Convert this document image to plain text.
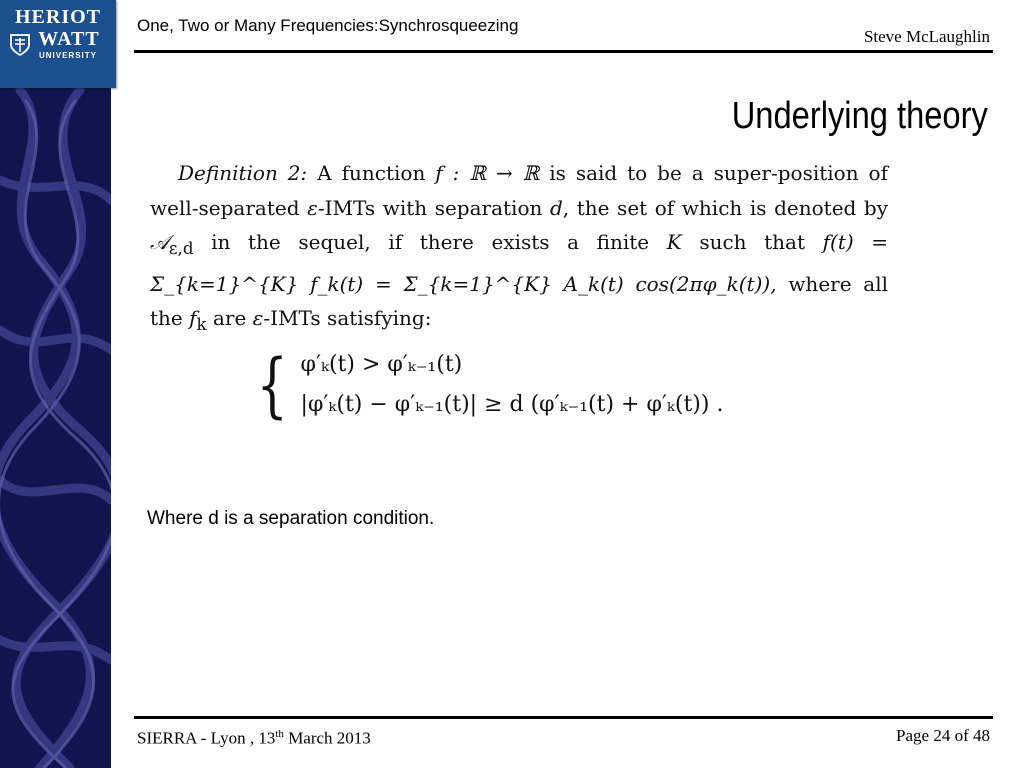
HERIOT
WATT
UNIVERSITY
One, Two or Many Frequencies:Synchrosqueezing
Steve McLaughlin
Underlying theory
Definition 2: A function f : ℝ → ℝ is said to be a super-position of well-separated ε-IMTs with separation d, the set of which is denoted by 𝒜$_{\varepsilon,d}$ in the sequel, if there exists a finite K such that f(t) = Σ_{k=1}^{K} f_k(t) = Σ_{k=1}^{K} A_k(t) cos(2πφ_k(t)), where all the $f_k$ are ε-IMTs satisfying:
{ φ′ₖ(t) > φ′ₖ₋₁(t)
|φ′ₖ(t) − φ′ₖ₋₁(t)| ≥ d (φ′ₖ₋₁(t) + φ′ₖ(t)) .
Where d is a separation condition.
SIERRA - Lyon , 13th March 2013	Page 24 of 48
